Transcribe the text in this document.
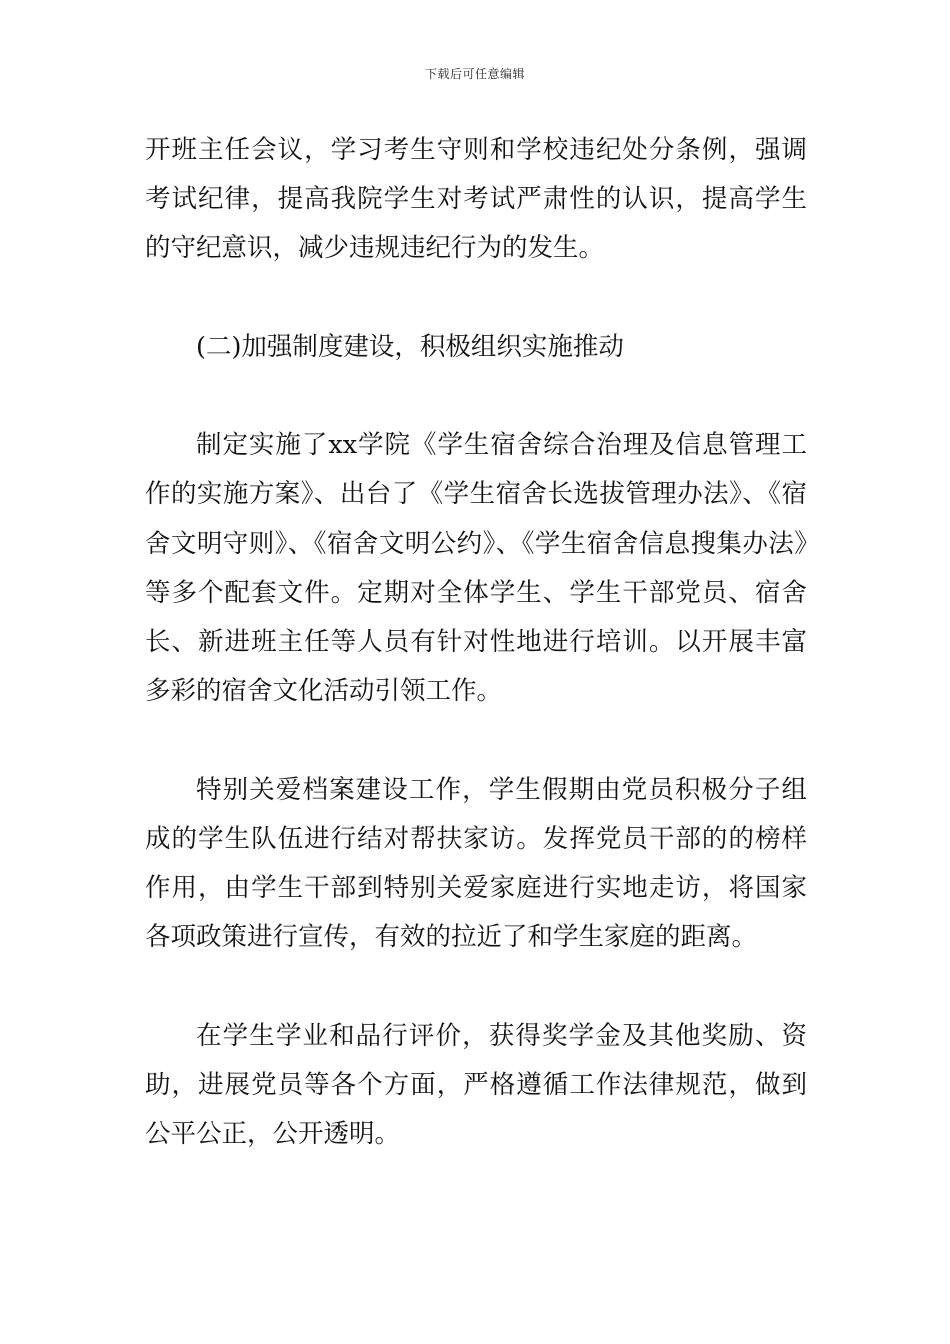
下载后可任意编辑

开班主任会议，学习考生守则和学校违纪处分条例，强调考试纪律，提高我院学生对考试严肃性的认识，提高学生的守纪意识，减少违规违纪行为的发生。

(二)加强制度建设，积极组织实施推动

制定实施了xx学院《学生宿舍综合治理及信息管理工作的实施方案》、出台了《学生宿舍长选拔管理办法》、《宿舍文明守则》、《宿舍文明公约》、《学生宿舍信息搜集办法》等多个配套文件。定期对全体学生、学生干部党员、宿舍长、新进班主任等人员有针对性地进行培训。以开展丰富多彩的宿舍文化活动引领工作。

特别关爱档案建设工作，学生假期由党员积极分子组成的学生队伍进行结对帮扶家访。发挥党员干部的的榜样作用，由学生干部到特别关爱家庭进行实地走访，将国家各项政策进行宣传，有效的拉近了和学生家庭的距离。

在学生学业和品行评价，获得奖学金及其他奖励、资助，进展党员等各个方面，严格遵循工作法律规范，做到公平公正，公开透明。
